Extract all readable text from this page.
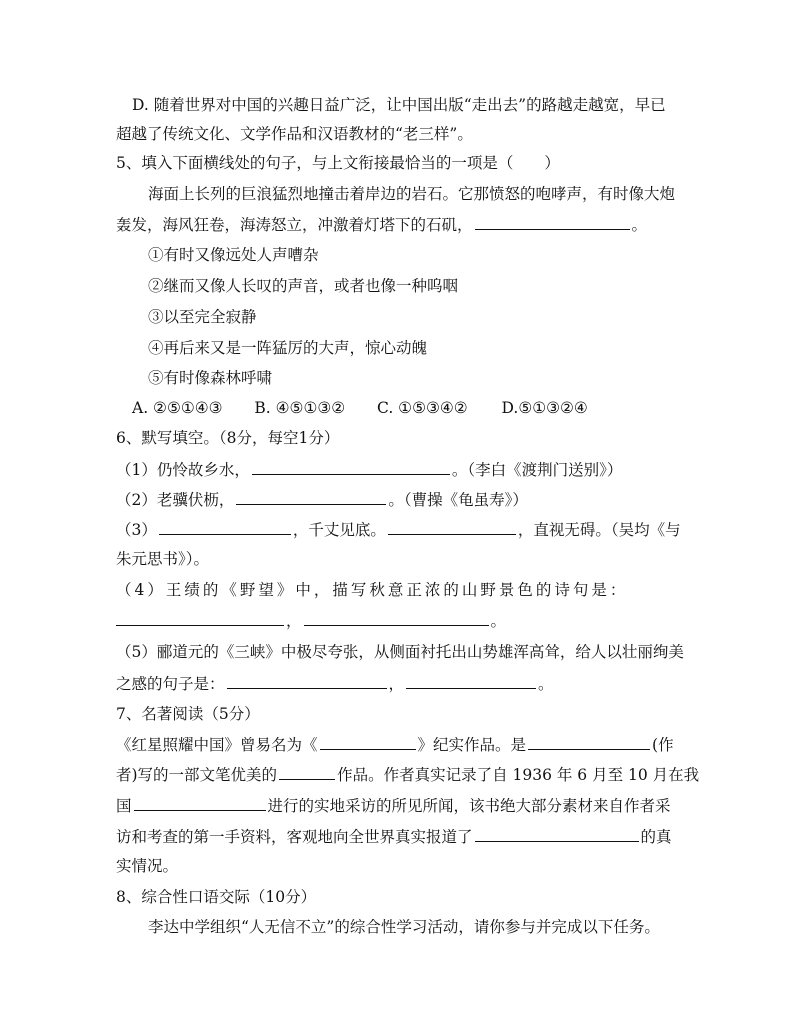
D. 随着世界对中国的兴趣日益广泛，让中国出版“走出去”的路越走越宽，早已
超越了传统文化、文学作品和汉语教材的“老三样”。
5、填入下面横线处的句子，与上文衔接最恰当的一项是（　　）
海面上长列的巨浪猛烈地撞击着岸边的岩石。它那愤怒的咆哮声，有时像大炮
轰发，海风狂卷，海涛怒立，冲激着灯塔下的石矶，	。
①有时又像远处人声嘈杂
②继而又像人长叹的声音，或者也像一种呜咽
③以至完全寂静
④再后来又是一阵猛厉的大声，惊心动魄
⑤有时像森林呼啸
A. ②⑤①④③ B. ④⑤①③② C. ①⑤③④② D.⑤①③②④
6、默写填空。（8分，每空1分）
（1）仍怜故乡水，	。（李白《渡荆门送别》）
（2）老骥伏枥，	。（曹操《龟虽寿》）
（3）	，千丈见底。	，直视无碍。（吴均《与
朱元思书》）。
（4）王绩的《野望》中，描写秋意正浓的山野景色的诗句是：
，	。
（5）郦道元的《三峡》中极尽夸张，从侧面衬托出山势雄浑高耸，给人以壮丽绚美
之感的句子是：	，	。
7、名著阅读（5分）
《红星照耀中国》曾易名为《	》纪实作品。是	(作
者)写的一部文笔优美的	作品。作者真实记录了自 1936 年 6 月至 10 月在我
国	进行的实地采访的所见所闻，该书绝大部分素材来自作者采
访和考查的第一手资料，客观地向全世界真实报道了	的真
实情况。
8、综合性口语交际（10分）
李达中学组织“人无信不立”的综合性学习活动，请你参与并完成以下任务。
